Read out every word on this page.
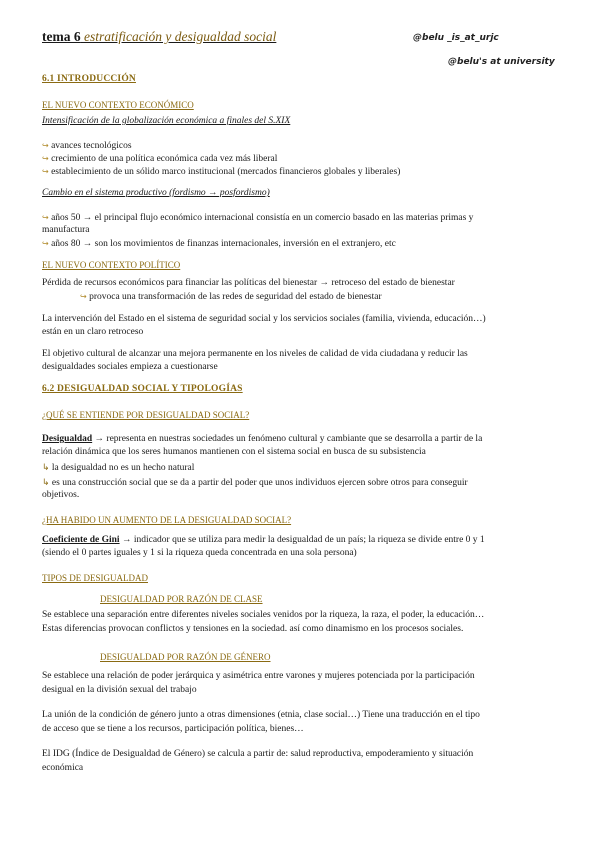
tema 6 estratificación y desigualdad social	@belu _is_at_urjc
@belu's at university
6.1 INTRODUCCIÓN
EL NUEVO CONTEXTO ECONÓMICO
Intensificación de la globalización económica a finales del S.XIX
↪ avances tecnológicos
↪ crecimiento de una política económica cada vez más liberal
↪ establecimiento de un sólido marco institucional (mercados financieros globales y liberales)
Cambio en el sistema productivo (fordismo → posfordismo)
↪ años 50 → el principal flujo económico internacional consistía en un comercio basado en las materias primas y
manufactura
↪ años 80 → son los movimientos de finanzas internacionales, inversión en el extranjero, etc
EL NUEVO CONTEXTO POLÍTICO
Pérdida de recursos económicos para financiar las políticas del bienestar → retroceso del estado de bienestar
↪ provoca una transformación de las redes de seguridad del estado de bienestar
La intervención del Estado en el sistema de seguridad social y los servicios sociales (familia, vivienda, educación…)
están en un claro retroceso
El objetivo cultural de alcanzar una mejora permanente en los niveles de calidad de vida ciudadana y reducir las
desigualdades sociales empieza a cuestionarse
6.2 DESIGUALDAD SOCIAL Y TIPOLOGÍAS
¿QUÉ SE ENTIENDE POR DESIGUALDAD SOCIAL?
Desigualdad → representa en nuestras sociedades un fenómeno cultural y cambiante que se desarrolla a partir de la
relación dinámica que los seres humanos mantienen con el sistema social en busca de su subsistencia
↳ la desigualdad no es un hecho natural
↳ es una construcción social que se da a partir del poder que unos individuos ejercen sobre otros para conseguir
objetivos.
¿HA HABIDO UN AUMENTO DE LA DESIGUALDAD SOCIAL?
Coeficiente de Gini → indicador que se utiliza para medir la desigualdad de un país; la riqueza se divide entre 0 y 1
(siendo el 0 partes iguales y 1 si la riqueza queda concentrada en una sola persona)
TIPOS DE DESIGUALDAD
DESIGUALDAD POR RAZÓN DE CLASE
Se establece una separación entre diferentes niveles sociales venidos por la riqueza, la raza, el poder, la educación…
Estas diferencias provocan conflictos y tensiones en la sociedad. así como dinamismo en los procesos sociales.
DESIGUALDAD POR RAZÓN DE GÉNERO
Se establece una relación de poder jerárquica y asimétrica entre varones y mujeres potenciada por la participación
desigual en la división sexual del trabajo
La unión de la condición de género junto a otras dimensiones (etnia, clase social…) Tiene una traducción en el tipo
de acceso que se tiene a los recursos, participación política, bienes…
El IDG (Índice de Desigualdad de Género) se calcula a partir de: salud reproductiva, empoderamiento y situación
económica
